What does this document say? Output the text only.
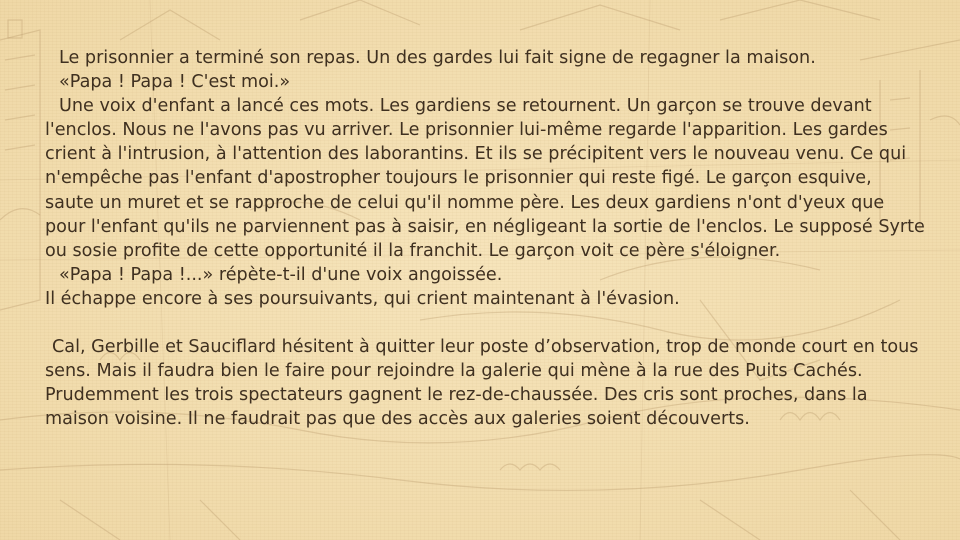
Le prisonnier a terminé son repas. Un des gardes lui fait signe de regagner la maison.

«Papa ! Papa ! C'est moi.»

Une voix d'enfant a lancé ces mots. Les gardiens se retournent. Un garçon se trouve devant l'enclos. Nous ne l'avons pas vu arriver. Le prisonnier lui-même regarde l'apparition. Les gardes crient à l'intrusion, à l'attention des laborantins. Et ils se précipitent vers le nouveau venu. Ce qui n'empêche pas l'enfant d'apostropher toujours le prisonnier qui reste figé. Le garçon esquive, saute un muret et se rapproche de celui qu'il nomme père. Les deux gardiens n'ont d'yeux que pour l'enfant qu'ils ne parviennent pas à saisir, en négligeant la sortie de l'enclos. Le supposé Syrte ou sosie profite de cette opportunité il la franchit. Le garçon voit ce père s'éloigner.

«Papa ! Papa !...» répète-t-il d'une voix angoissée.

Il échappe encore à ses poursuivants, qui crient maintenant à l'évasion.

Cal, Gerbille et Sauciflard hésitent à quitter leur poste d’observation, trop de monde court en tous sens. Mais il faudra bien le faire pour rejoindre la galerie qui mène à la rue des Puits Cachés. Prudemment les trois spectateurs gagnent le rez-de-chaussée. Des cris sont proches, dans la maison voisine. Il ne faudrait pas que des accès aux galeries soient découverts.
